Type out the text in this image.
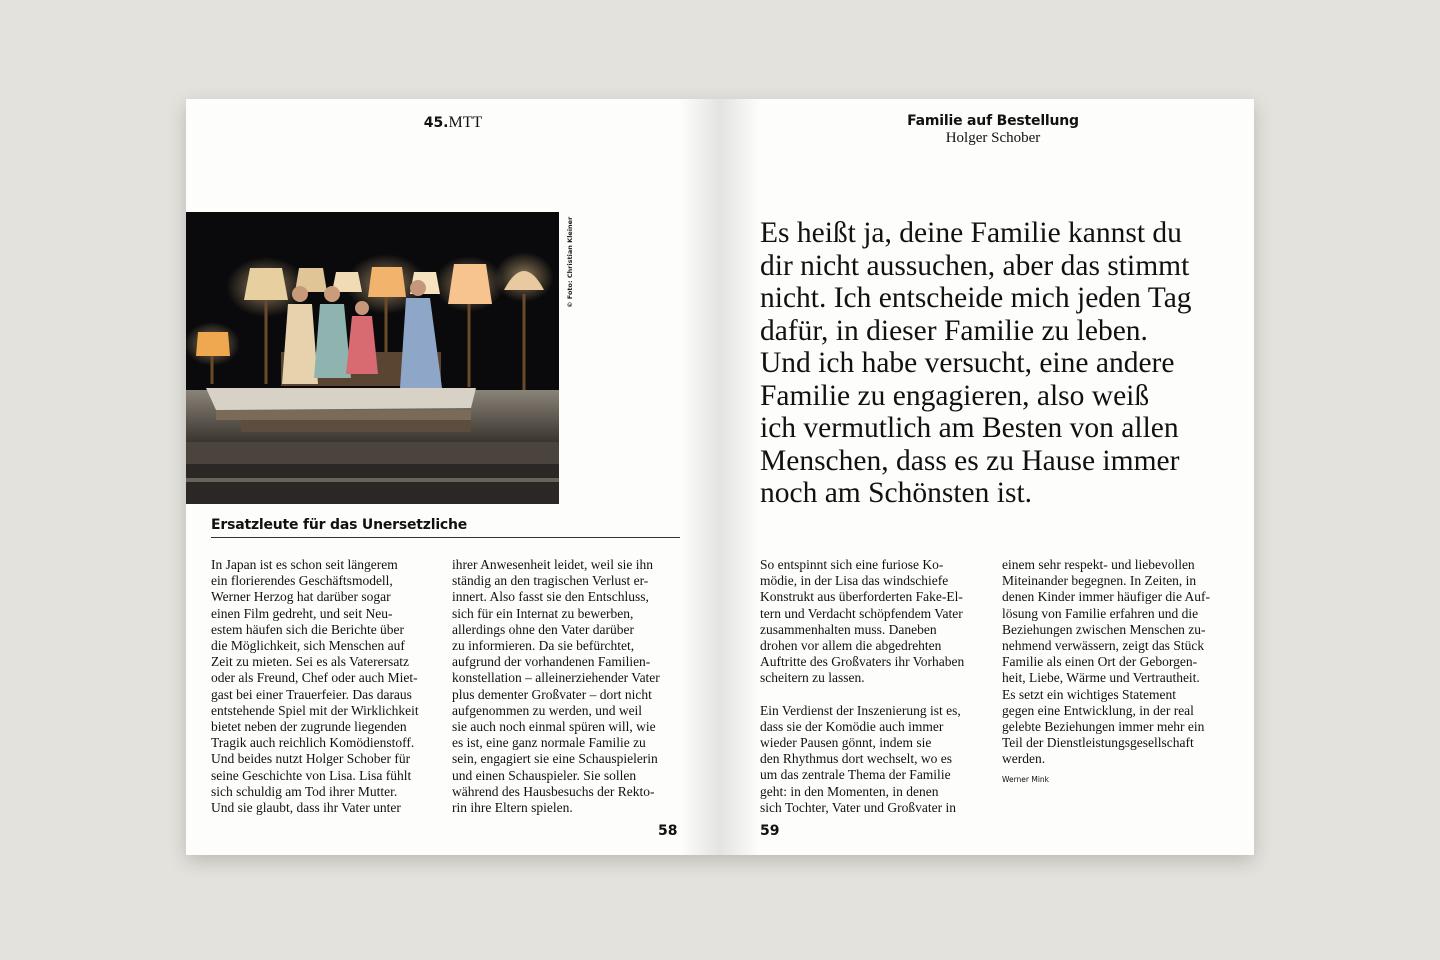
45.MTT
© Foto: Christian Kleiner
Ersatzleute für das Unersetzliche
In Japan ist es schon seit längerem
ein florierendes Geschäftsmodell,
Werner Herzog hat darüber sogar
einen Film gedreht, und seit Neu-
estem häufen sich die Berichte über
die Möglichkeit, sich Menschen auf
Zeit zu mieten. Sei es als Vaterersatz
oder als Freund, Chef oder auch Miet-
gast bei einer Trauerfeier. Das daraus
entstehende Spiel mit der Wirklichkeit
bietet neben der zugrunde liegenden
Tragik auch reichlich Komödienstoff.
Und beides nutzt Holger Schober für
seine Geschichte von Lisa. Lisa fühlt
sich schuldig am Tod ihrer Mutter.
Und sie glaubt, dass ihr Vater unter
ihrer Anwesenheit leidet, weil sie ihn
ständig an den tragischen Verlust er-
innert. Also fasst sie den Entschluss,
sich für ein Internat zu bewerben,
allerdings ohne den Vater darüber
zu informieren. Da sie befürchtet,
aufgrund der vorhandenen Familien-
konstellation – alleinerziehender Vater
plus dementer Großvater – dort nicht
aufgenommen zu werden, und weil
sie auch noch einmal spüren will, wie
es ist, eine ganz normale Familie zu
sein, engagiert sie eine Schauspielerin
und einen Schauspieler. Sie sollen
während des Hausbesuchs der Rekto-
rin ihre Eltern spielen.
58
Familie auf Bestellung
Holger Schober
Es heißt ja, deine Familie kannst du
dir nicht aussuchen, aber das stimmt
nicht. Ich entscheide mich jeden Tag
dafür, in dieser Familie zu leben.
Und ich habe versucht, eine andere
Familie zu engagieren, also weiß
ich vermutlich am Besten von allen
Menschen, dass es zu Hause immer
noch am Schönsten ist.
So entspinnt sich eine furiose Ko-
mödie, in der Lisa das windschiefe
Konstrukt aus überforderten Fake-El-
tern und Verdacht schöpfendem Vater
zusammenhalten muss. Daneben
drohen vor allem die abgedrehten
Auftritte des Großvaters ihr Vorhaben
scheitern zu lassen.
Ein Verdienst der Inszenierung ist es,
dass sie der Komödie auch immer
wieder Pausen gönnt, indem sie
den Rhythmus dort wechselt, wo es
um das zentrale Thema der Familie
geht: in den Momenten, in denen
sich Tochter, Vater und Großvater in
einem sehr respekt- und liebevollen
Miteinander begegnen. In Zeiten, in
denen Kinder immer häufiger die Auf-
lösung von Familie erfahren und die
Beziehungen zwischen Menschen zu-
nehmend verwässern, zeigt das Stück
Familie als einen Ort der Geborgen-
heit, Liebe, Wärme und Vertrautheit.
Es setzt ein wichtiges Statement
gegen eine Entwicklung, in der real
gelebte Beziehungen immer mehr ein
Teil der Dienstleistungsgesellschaft
werden.
Werner Mink
59
